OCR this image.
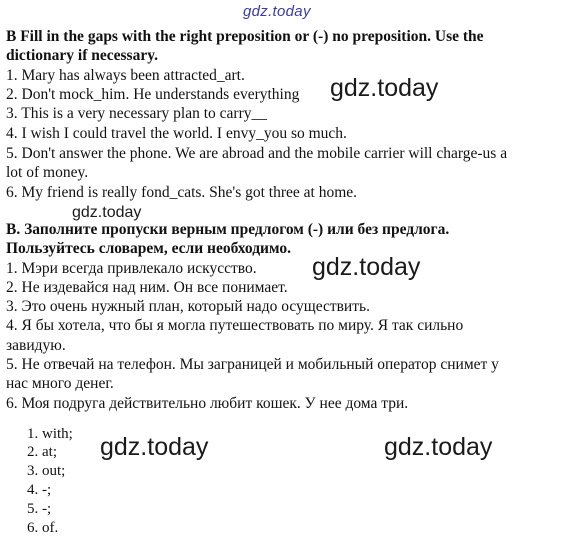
gdz.today
B Fill in the gaps with the right preposition or (-) no preposition. Use the
dictionary if necessary.
1. Mary has always been attracted_art.
2. Don't mock_him. He understands everything
3. This is a very necessary plan to carry__
4. I wish I could travel the world. I envy_you so much.
5. Don't answer the phone. We are abroad and the mobile carrier will charge-us a
lot of money.
6. My friend is really fond_cats. She's got three at home.
gdz.today
gdz.today
В. Заполните пропуски верным предлогом (-) или без предлога.
Пользуйтесь словарем, если необходимо.
1. Мэри всегда привлекало искусство.
2. Не издевайся над ним. Он все понимает.
3. Это очень нужный план, который надо осуществить.
4. Я бы хотела, что бы я могла путешествовать по миру. Я так сильно
завидую.
5. Не отвечай на телефон. Мы заграницей и мобильный оператор снимет у
нас много денег.
6. Моя подруга действительно любит кошек. У нее дома три.
gdz.today
1. with;
2. at;
3. out;
4. -;
5. -;
6. of.
gdz.today	gdz.today
